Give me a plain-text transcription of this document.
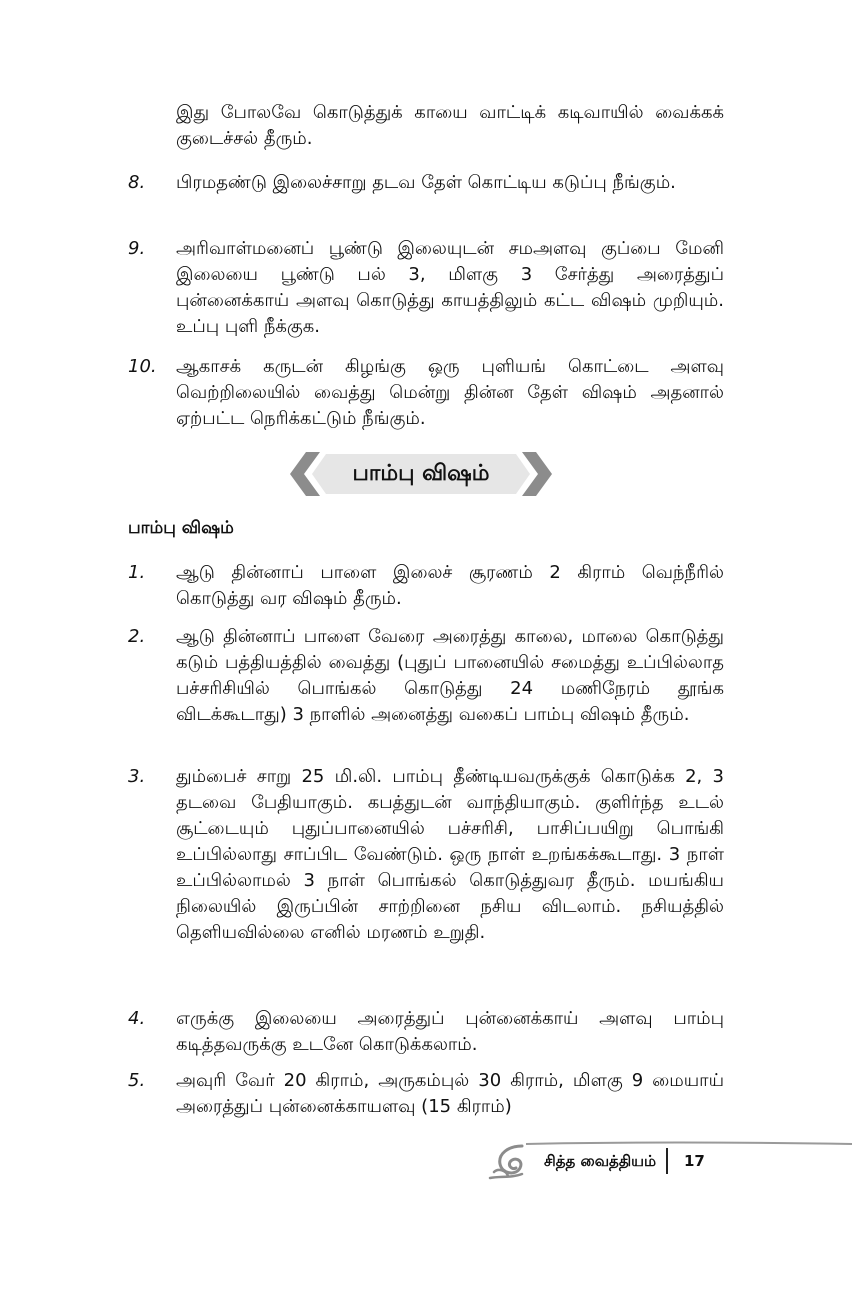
இது போலவே கொடுத்துக் காயை வாட்டிக் கடிவாயில் வைக்கக் குடைச்சல் தீரும்.
8.	பிரமதண்டு இலைச்சாறு தடவ தேள் கொட்டிய கடுப்பு நீங்கும்.
9.	அரிவாள்மனைப் பூண்டு இலையுடன் சமஅளவு குப்பை மேனி இலையை பூண்டு பல் 3, மிளகு 3 சேர்த்து அரைத்துப் புன்னைக்காய் அளவு கொடுத்து காயத்திலும் கட்ட விஷம் முறியும். உப்பு புளி நீக்குக.
10.	ஆகாசக் கருடன் கிழங்கு ஒரு புளியங் கொட்டை அளவு வெற்றிலையில் வைத்து மென்று தின்ன தேள் விஷம் அதனால் ஏற்பட்ட நெரிக்கட்டும் நீங்கும்.
பாம்பு விஷம்
பாம்பு விஷம்
1.	ஆடு தின்னாப் பாளை இலைச் சூரணம் 2 கிராம் வெந்நீரில் கொடுத்து வர விஷம் தீரும்.
2.	ஆடு தின்னாப் பாளை வேரை அரைத்து காலை, மாலை கொடுத்து கடும் பத்தியத்தில் வைத்து (புதுப் பானையில் சமைத்து உப்பில்லாத பச்சரிசியில் பொங்கல் கொடுத்து 24 மணிநேரம் தூங்க விடக்கூடாது) 3 நாளில் அனைத்து வகைப் பாம்பு விஷம் தீரும்.
3.	தும்பைச் சாறு 25 மி.லி. பாம்பு தீண்டியவருக்குக் கொடுக்க 2, 3 தடவை பேதியாகும். கபத்துடன் வாந்தியாகும். குளிர்ந்த உடல் சூட்டையும் புதுப்பானையில் பச்சரிசி, பாசிப்பயிறு பொங்கி உப்பில்லாது சாப்பிட வேண்டும். ஒரு நாள் உறங்கக்கூடாது. 3 நாள் உப்பில்லாமல் 3 நாள் பொங்கல் கொடுத்துவர தீரும். மயங்கிய நிலையில் இருப்பின் சாற்றினை நசிய விடலாம். நசியத்தில் தெளியவில்லை எனில் மரணம் உறுதி.
4.	எருக்கு இலையை அரைத்துப் புன்னைக்காய் அளவு பாம்பு கடித்தவருக்கு உடனே கொடுக்கலாம்.
5.	அவுரி வேர் 20 கிராம், அருகம்புல் 30 கிராம், மிளகு 9 மையாய் அரைத்துப் புன்னைக்காயளவு (15 கிராம்)
சித்த வைத்தியம் 17
